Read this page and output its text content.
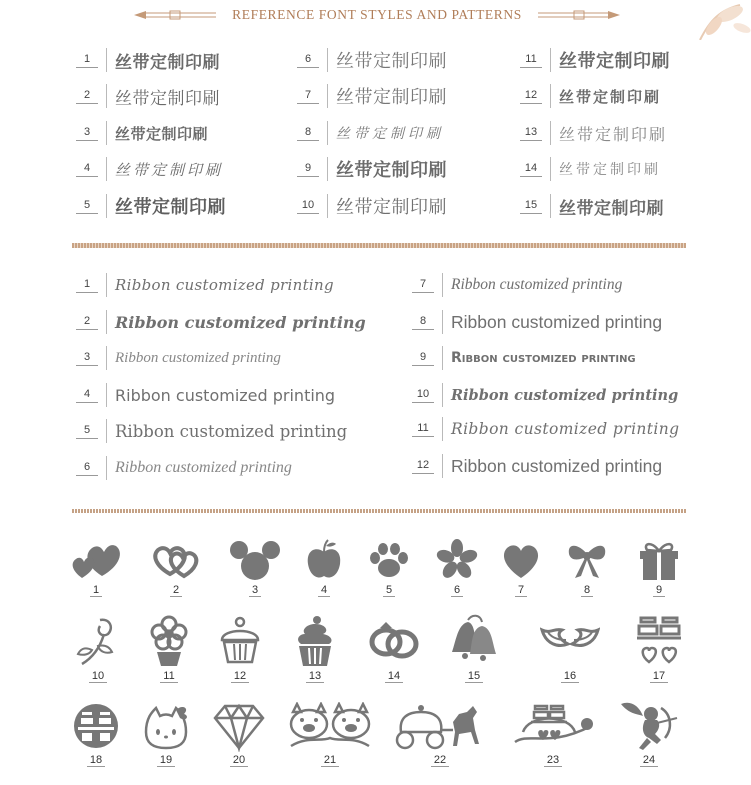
REFERENCE FONT STYLES AND PATTERNS
1	丝带定制印刷
2	丝带定制印刷
3	丝带定制印刷
4	丝带定制印刷
5	丝带定制印刷
6	丝带定制印刷
7	丝带定制印刷
8	丝带定制印刷
9	丝带定制印刷
10 丝带定制印刷
11 丝带定制印刷
12	丝带定制印刷
13	丝带定制印刷
14	丝带定制印刷
15 丝带定制印刷
1	Ribbon customized printing
2	Ribbon customized printing
3	Ribbon customized printing
4	Ribbon customized printing
5	Ribbon customized printing
6	Ribbon customized printing
7	Ribbon customized printing
8	Ribbon customized printing
9	Ribbon customized printing
10	Ribbon customized printing
11	Ribbon customized printing
12 Ribbon customized printing
1	2	3	4	5	6	7	8	9
10	11	12	13	14	15	16	17
18	19	20	21	22	23	24
